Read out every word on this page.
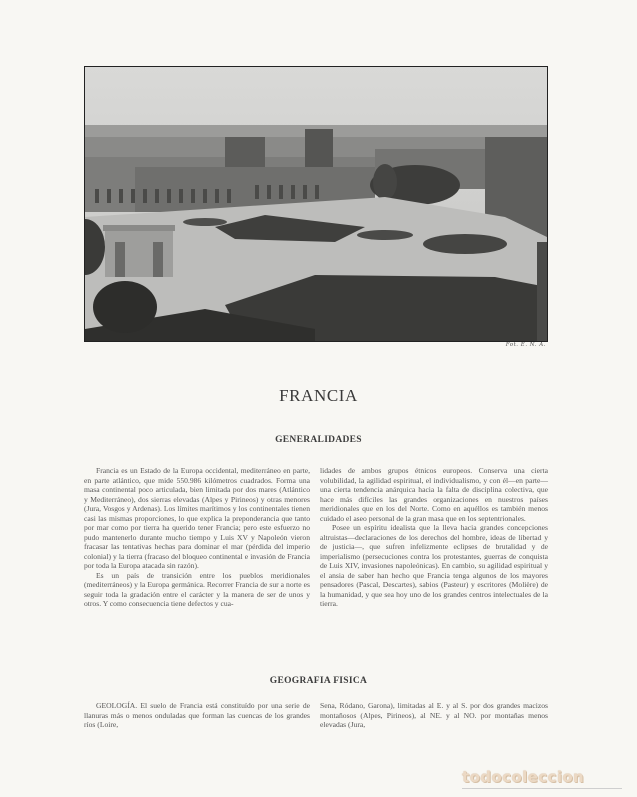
Fot. E. N. A.
FRANCIA
GENERALIDADES

Francia es un Estado de la Europa occidental, mediterráneo en parte, en parte atlántico, que mide 550.986 kilómetros cuadrados. Forma una masa continental poco articulada, bien limitada por dos mares (Atlántico y Mediterráneo), dos sierras elevadas (Alpes y Pirineos) y otras menores (Jura, Vosgos y Ardenas). Los límites marítimos y los continentales tienen casi las mismas proporciones, lo que explica la preponderancia que tanto por mar como por tierra ha querido tener Francia; pero este esfuerzo no pudo mantenerlo durante mucho tiempo y Luis XV y Napoleón vieron fracasar las tentativas hechas para dominar el mar (pérdida del imperio colonial) y la tierra (fracaso del bloqueo continental e invasión de Francia por toda la Europa atacada sin razón).

Es un país de transición entre los pueblos meridionales (mediterráneos) y la Europa germánica. Recorrer Francia de sur a norte es seguir toda la gradación entre el carácter y la manera de ser de unos y otros. Y como consecuencia tiene defectos y cua-

lidades de ambos grupos étnicos europeos. Conserva una cierta volubilidad, la agilidad espiritual, el individualismo, y con él—en parte—una cierta tendencia anárquica hacia la falta de disciplina colectiva, que hace más difíciles las grandes organizaciones en nuestros países meridionales que en los del Norte. Como en aquéllos es también menos cuidado el aseo personal de la gran masa que en los septentrionales.

Posee un espíritu idealista que la lleva hacia grandes concepciones altruistas—declaraciones de los derechos del hombre, ideas de libertad y de justicia—, que sufren infelizmente eclipses de brutalidad y de imperialismo (persecuciones contra los protestantes, guerras de conquista de Luis XIV, invasiones napoleónicas). En cambio, su agilidad espiritual y el ansia de saber han hecho que Francia tenga algunos de los mayores pensadores (Pascal, Descartes), sabios (Pasteur) y escritores (Molière) de la humanidad, y que sea hoy uno de los grandes centros intelectuales de la tierra.

GEOGRAFIA FISICA

GEOLOGÍA. El suelo de Francia está constituído por una serie de llanuras más o menos onduladas que forman las cuencas de los grandes ríos (Loire,

Sena, Ródano, Garona), limitadas al E. y al S. por dos grandes macizos montañosos (Alpes, Pirineos), al NE. y al NO. por montañas menos elevadas (Jura,

todocoleccion
